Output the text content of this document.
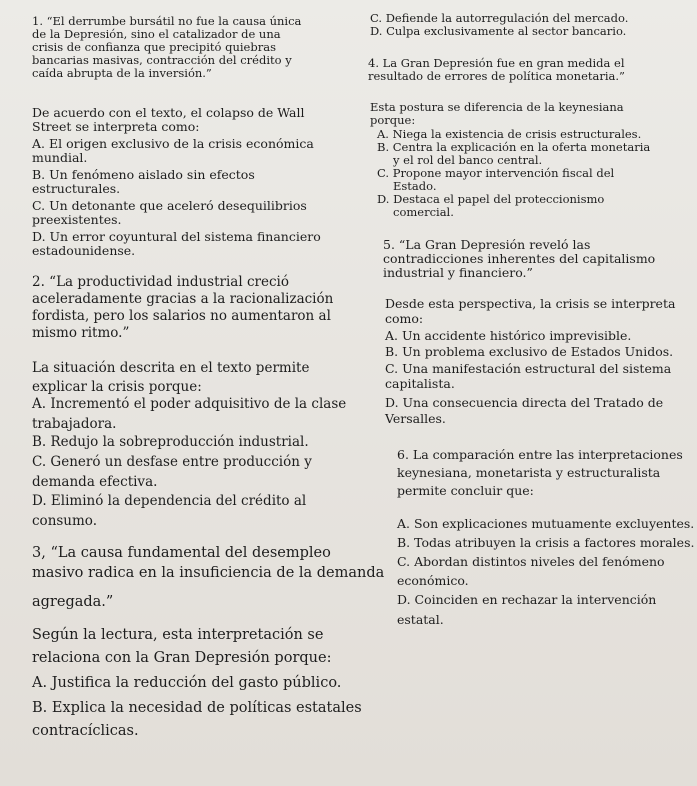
1. “El derrumbe bursátil no fue la causa única
de la Depresión, sino el catalizador de una
crisis de confianza que precipitó quiebras
bancarias masivas, contracción del crédito y
caída abrupta de la inversión.”
De acuerdo con el texto, el colapso de Wall
Street se interpreta como:
A. El origen exclusivo de la crisis económica
mundial.
B. Un fenómeno aislado sin efectos
estructurales.
C. Un detonante que aceleró desequilibrios
preexistentes.
D. Un error coyuntural del sistema financiero
estadounidense.
2. “La productividad industrial creció
aceleradamente gracias a la racionalización
fordista, pero los salarios no aumentaron al
mismo ritmo.”
La situación descrita en el texto permite
explicar la crisis porque:
A. Incrementó el poder adquisitivo de la clase
trabajadora.
B. Redujo la sobreproducción industrial.
C. Generó un desfase entre producción y
demanda efectiva.
D. Eliminó la dependencia del crédito al
consumo.
3, “La causa fundamental del desempleo
masivo radica en la insuficiencia de la demanda
agregada.”
Según la lectura, esta interpretación se
relaciona con la Gran Depresión porque:
A. Justifica la reducción del gasto público.
B. Explica la necesidad de políticas estatales
contracíclicas.
C. Defiende la autorregulación del mercado.
D. Culpa exclusivamente al sector bancario.
4. La Gran Depresión fue en gran medida el
resultado de errores de política monetaria.”
Esta postura se diferencia de la keynesiana
porque:
A. Niega la existencia de crisis estructurales.
B. Centra la explicación en la oferta monetaria
y el rol del banco central.
C. Propone mayor intervención fiscal del
Estado.
D. Destaca el papel del proteccionismo
comercial.
5. “La Gran Depresión reveló las
contradicciones inherentes del capitalismo
industrial y financiero.”
Desde esta perspectiva, la crisis se interpreta
como:
A. Un accidente histórico imprevisible.
B. Un problema exclusivo de Estados Unidos.
C. Una manifestación estructural del sistema
capitalista.
D. Una consecuencia directa del Tratado de
Versalles.
6. La comparación entre las interpretaciones
keynesiana, monetarista y estructuralista
permite concluir que:
A. Son explicaciones mutuamente excluyentes.
B. Todas atribuyen la crisis a factores morales.
C. Abordan distintos niveles del fenómeno
económico.
D. Coinciden en rechazar la intervención
estatal.
